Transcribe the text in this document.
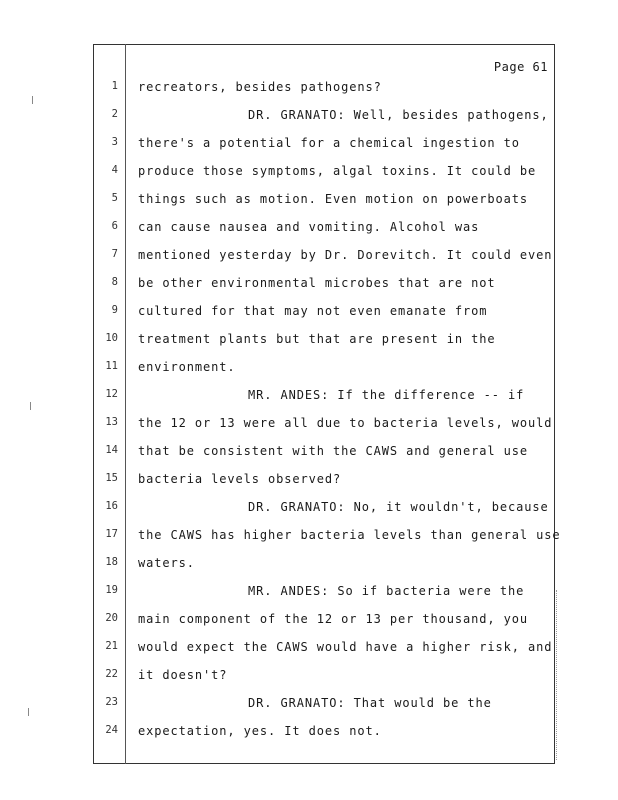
Page 61
1 recreators, besides pathogens?
2	DR. GRANATO: Well, besides pathogens,
3 there's a potential for a chemical ingestion to
4 produce those symptoms, algal toxins. It could be
5 things such as motion. Even motion on powerboats
6 can cause nausea and vomiting. Alcohol was
7 mentioned yesterday by Dr. Dorevitch. It could even
8 be other environmental microbes that are not
9 cultured for that may not even emanate from
10 treatment plants but that are present in the
11 environment.
12	MR. ANDES: If the difference -- if
13 the 12 or 13 were all due to bacteria levels, would
14 that be consistent with the CAWS and general use
15 bacteria levels observed?
16	DR. GRANATO: No, it wouldn't, because
17 the CAWS has higher bacteria levels than general use
18 waters.
19	MR. ANDES: So if bacteria were the
20 main component of the 12 or 13 per thousand, you
21 would expect the CAWS would have a higher risk, and
22 it doesn't?
23	DR. GRANATO: That would be the
24 expectation, yes. It does not.
